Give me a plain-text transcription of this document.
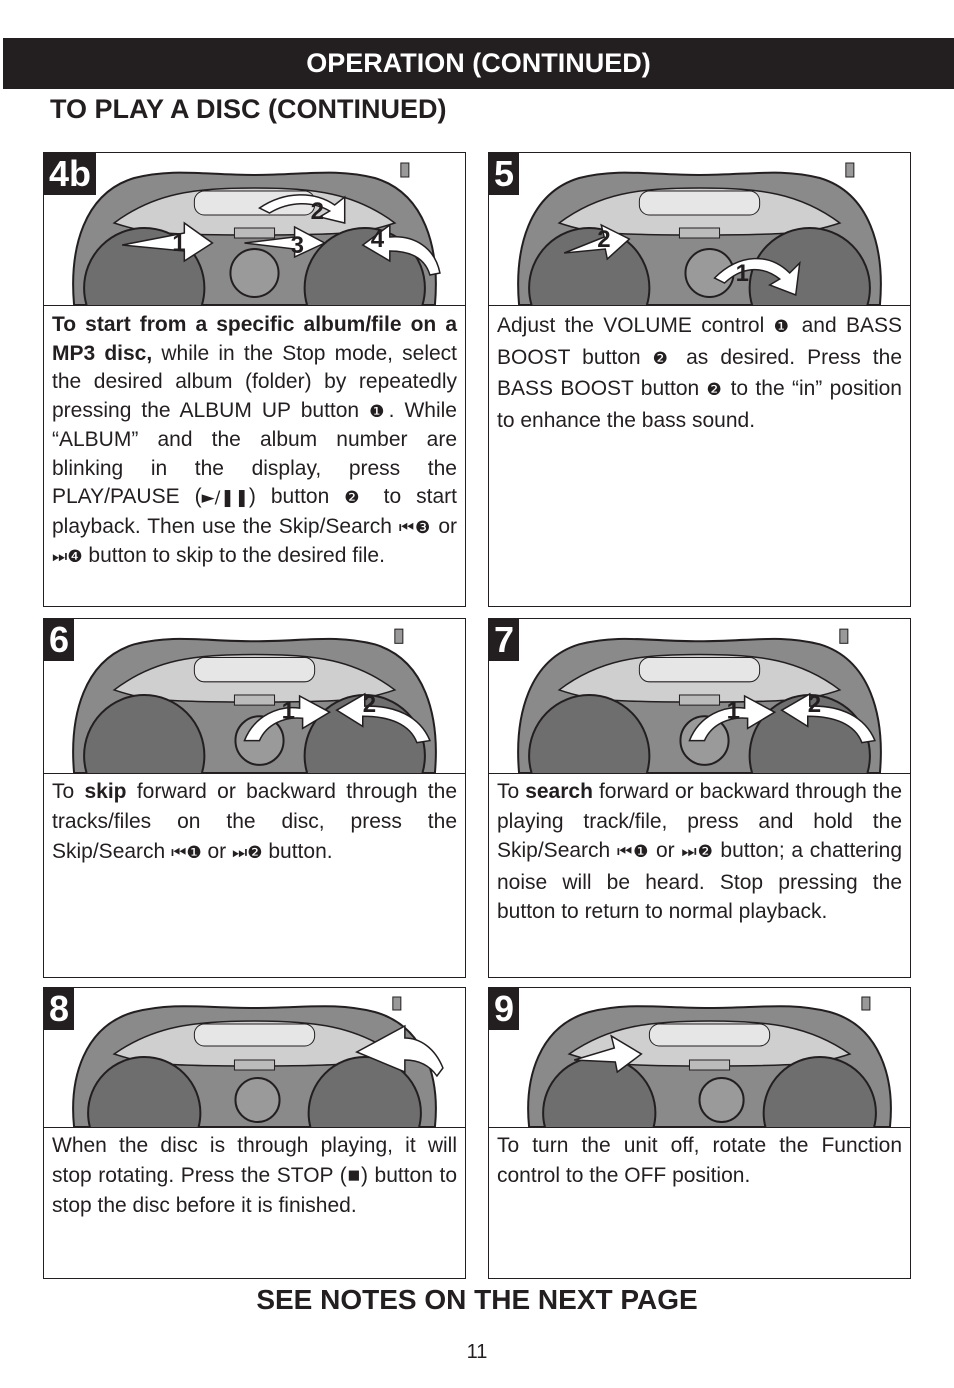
OPERATION (CONTINUED)
TO PLAY A DISC (CONTINUED)
4b
1
2
3	4
To start from a specific album/file on a MP3 disc, while in the Stop mode, select the desired album (folder) by repeatedly pressing the ALBUM UP button ❶. While “ALBUM” and the album number are blinking in the display, press the PLAY/PAUSE (►/❚❚) button ❷ to start playback. Then use the Skip/Search ⏮❸ or ⏭❹ button to skip to the desired file.
5
2
1
Adjust the VOLUME control ❶ and BASS BOOST button ❷ as desired. Press the BASS BOOST button ❷ to the “in” position to enhance the bass sound.
6
1	2
To skip forward or backward through the tracks/files on the disc, press the Skip/Search ⏮❶ or ⏭❷ button.
7
1	2
To search forward or backward through the playing track/file, press and hold the Skip/Search ⏮❶ or ⏭❷ button; a chattering noise will be heard. Stop pressing the button to return to normal playback.
8
When the disc is through playing, it will stop rotating. Press the STOP (■) button to stop the disc before it is finished.
9
To turn the unit off, rotate the Function control to the OFF position.
SEE NOTES ON THE NEXT PAGE
11
